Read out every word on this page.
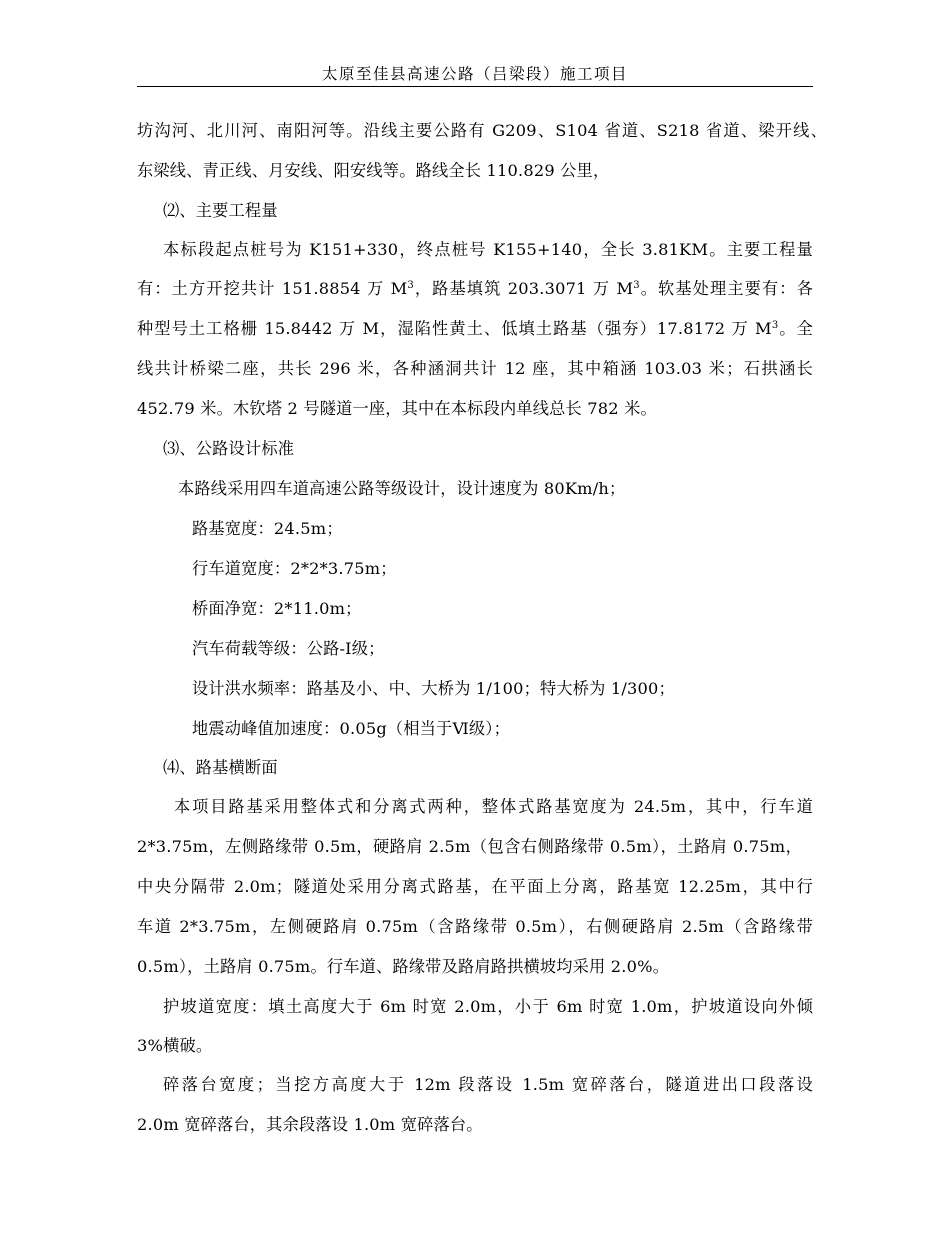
太原至佳县高速公路（吕梁段）施工项目
坊沟河、北川河、南阳河等。沿线主要公路有 G209、S104 省道、S218 省道、梁开线、
东梁线、青正线、月安线、阳安线等。路线全长 110.829 公里，
⑵、主要工程量
本标段起点桩号为 K151+330，终点桩号 K155+140，全长 3.81KM。主要工程量
有：土方开挖共计 151.8854 万 $M^3$，路基填筑 203.3071 万 $M^3$。软基处理主要有：各
种型号土工格栅 15.8442 万 M，湿陷性黄土、低填土路基（强夯）17.8172 万 $M^3$。全
线共计桥梁二座，共长 296 米，各种涵洞共计 12 座，其中箱涵 103.03 米；石拱涵长
452.79 米。木钦塔 2 号隧道一座，其中在本标段内单线总长 782 米。
⑶、公路设计标准
本路线采用四车道高速公路等级设计，设计速度为 80Km/h；
路基宽度：24.5m；
行车道宽度：2*2*3.75m；
桥面净宽：2*11.0m；
汽车荷载等级：公路-Ⅰ级；
设计洪水频率：路基及小、中、大桥为 1/100；特大桥为 1/300；
地震动峰值加速度：0.05g（相当于Ⅵ级）；
⑷、路基横断面
本项目路基采用整体式和分离式两种，整体式路基宽度为 24.5m，其中，行车道
2*3.75m，左侧路缘带 0.5m，硬路肩 2.5m（包含右侧路缘带 0.5m），土路肩 0.75m，
中央分隔带 2.0m；隧道处采用分离式路基，在平面上分离，路基宽 12.25m，其中行
车道 2*3.75m，左侧硬路肩 0.75m（含路缘带 0.5m），右侧硬路肩 2.5m（含路缘带
0.5m），土路肩 0.75m。行车道、路缘带及路肩路拱横坡均采用 2.0%。
护坡道宽度：填土高度大于 6m 时宽 2.0m，小于 6m 时宽 1.0m，护坡道设向外倾
3%横破。
碎落台宽度；当挖方高度大于 12m 段落设 1.5m 宽碎落台，隧道进出口段落设
2.0m 宽碎落台，其余段落设 1.0m 宽碎落台。
